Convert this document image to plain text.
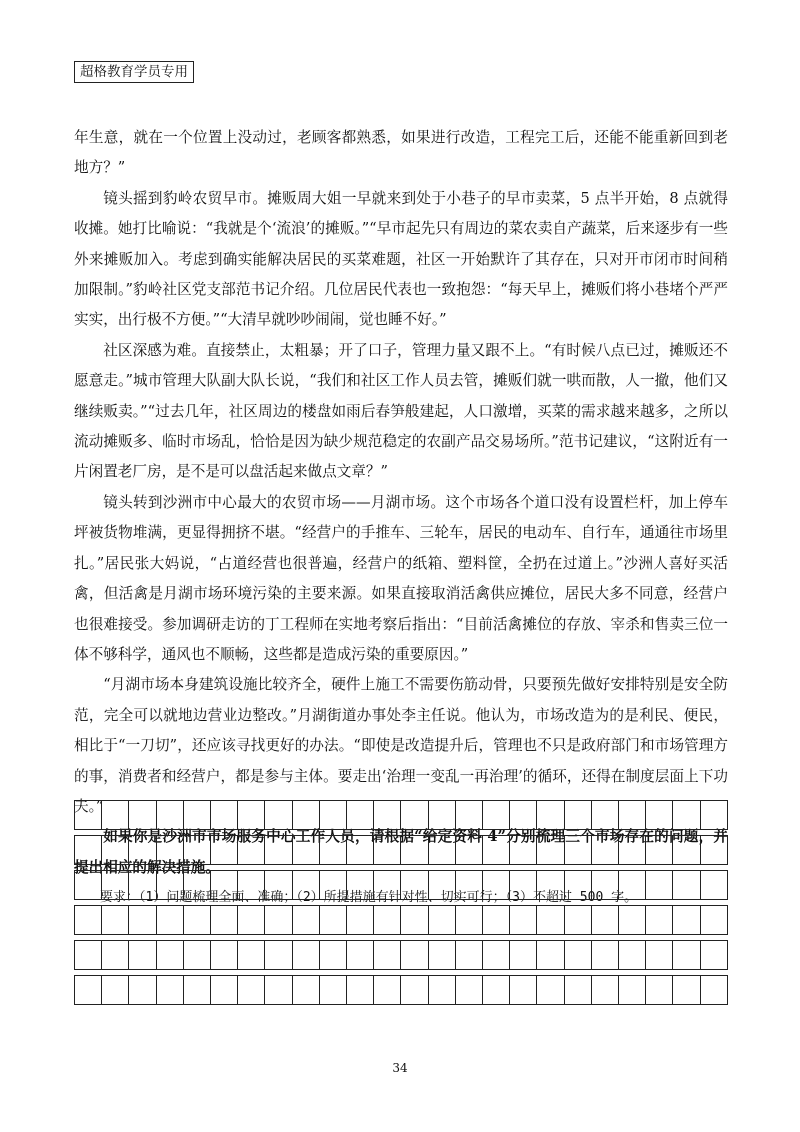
超格教育学员专用

年生意，就在一个位置上没动过，老顾客都熟悉，如果进行改造，工程完工后，还能不能重新回到老地方？”

镜头摇到豹岭农贸早市。摊贩周大姐一早就来到处于小巷子的早市卖菜，5 点半开始，8 点就得收摊。她打比喻说：“我就是个‘流浪’的摊贩。”“早市起先只有周边的菜农卖自产蔬菜，后来逐步有一些外来摊贩加入。考虑到确实能解决居民的买菜难题，社区一开始默许了其存在，只对开市闭市时间稍加限制。”豹岭社区党支部范书记介绍。几位居民代表也一致抱怨：“每天早上，摊贩们将小巷堵个严严实实，出行极不方便。”“大清早就吵吵闹闹，觉也睡不好。”

社区深感为难。直接禁止，太粗暴；开了口子，管理力量又跟不上。“有时候八点已过，摊贩还不愿意走。”城市管理大队副大队长说，“我们和社区工作人员去管，摊贩们就一哄而散，人一撤，他们又继续贩卖。”“过去几年，社区周边的楼盘如雨后春笋般建起，人口激增，买菜的需求越来越多，之所以流动摊贩多、临时市场乱，恰恰是因为缺少规范稳定的农副产品交易场所。”范书记建议，“这附近有一片闲置老厂房，是不是可以盘活起来做点文章？”

镜头转到沙洲市中心最大的农贸市场——月湖市场。这个市场各个道口没有设置栏杆，加上停车坪被货物堆满，更显得拥挤不堪。“经营户的手推车、三轮车，居民的电动车、自行车，通通往市场里扎。”居民张大妈说，“占道经营也很普遍，经营户的纸箱、塑料筐，全扔在过道上。”沙洲人喜好买活禽，但活禽是月湖市场环境污染的主要来源。如果直接取消活禽供应摊位，居民大多不同意，经营户也很难接受。参加调研走访的丁工程师在实地考察后指出：“目前活禽摊位的存放、宰杀和售卖三位一体不够科学，通风也不顺畅，这些都是造成污染的重要原因。”

“月湖市场本身建筑设施比较齐全，硬件上施工不需要伤筋动骨，只要预先做好安排特别是安全防范，完全可以就地边营业边整改。”月湖街道办事处李主任说。他认为，市场改造为的是利民、便民，相比于“一刀切”，还应该寻找更好的办法。“即使是改造提升后，管理也不只是政府部门和市场管理方的事，消费者和经营户，都是参与主体。要走出‘治理一变乱一再治理’的循环，还得在制度层面上下功夫。”

如果你是沙洲市市场服务中心工作人员，请根据“给定资料 4”分别梳理三个市场存在的问题，并提出相应的解决措施。

要求：（1）问题梳理全面、准确；（2）所提措施有针对性、切实可行；（3）不超过 500 字。

34
